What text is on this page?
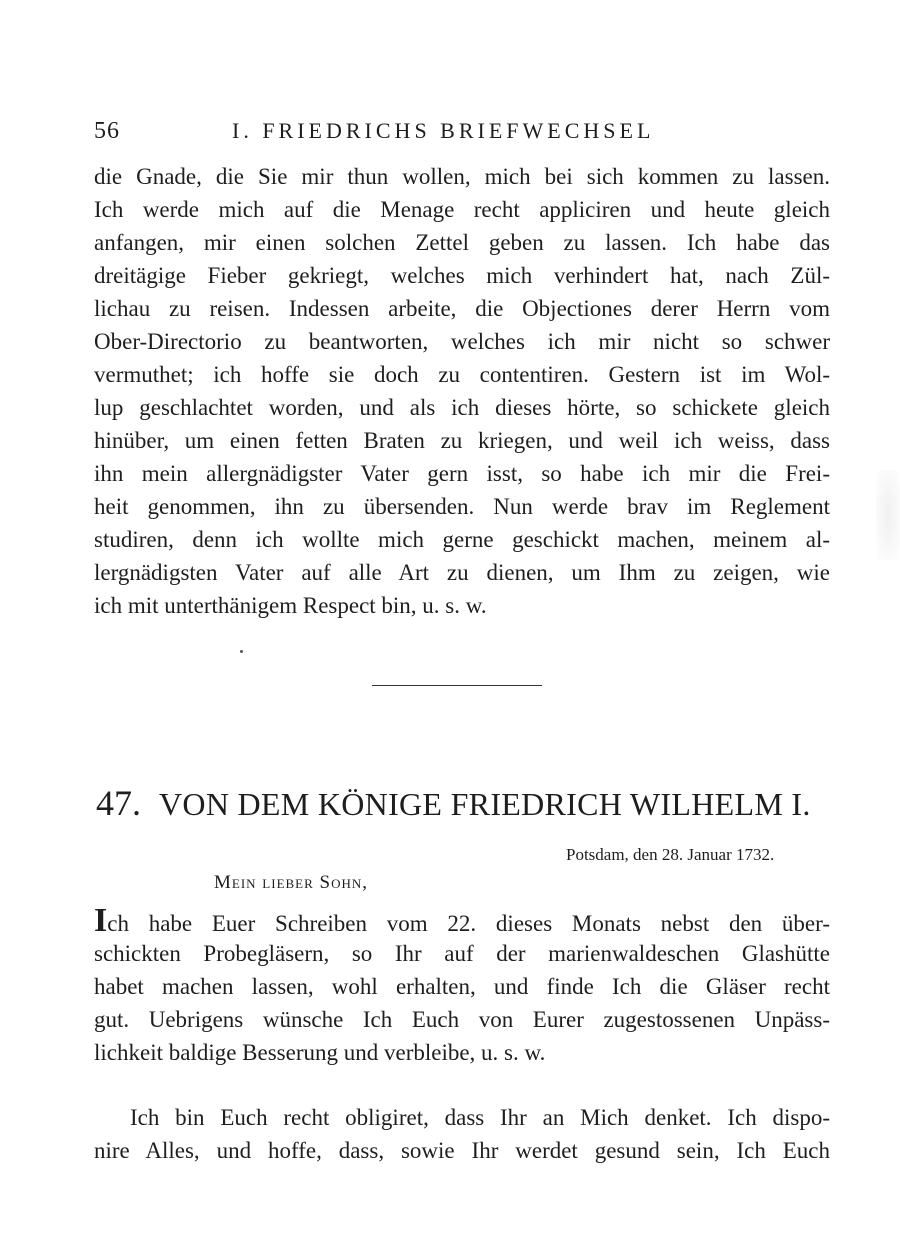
56	I. FRIEDRICHS BRIEFWECHSEL
die Gnade, die Sie mir thun wollen, mich bei sich kommen zu lassen.
Ich werde mich auf die Menage recht appliciren und heute gleich
anfangen, mir einen solchen Zettel geben zu lassen. Ich habe das
dreitägige Fieber gekriegt, welches mich verhindert hat, nach Zül-
lichau zu reisen. Indessen arbeite, die Objectiones derer Herrn vom
Ober-Directorio zu beantworten, welches ich mir nicht so schwer
vermuthet; ich hoffe sie doch zu contentiren. Gestern ist im Wol-
lup geschlachtet worden, und als ich dieses hörte, so schickete gleich
hinüber, um einen fetten Braten zu kriegen, und weil ich weiss, dass
ihn mein allergnädigster Vater gern isst, so habe ich mir die Frei-
heit genommen, ihn zu übersenden. Nun werde brav im Reglement
studiren, denn ich wollte mich gerne geschickt machen, meinem al-
lergnädigsten Vater auf alle Art zu dienen, um Ihm zu zeigen, wie
ich mit unterthänigem Respect bin, u. s. w.
47. VON DEM KÖNIGE FRIEDRICH WILHELM I.
Potsdam, den 28. Januar 1732.
Mein lieber Sohn,
Ich habe Euer Schreiben vom 22. dieses Monats nebst den über-
schickten Probegläsern, so Ihr auf der marienwaldeschen Glashütte
habet machen lassen, wohl erhalten, und finde Ich die Gläser recht
gut. Uebrigens wünsche Ich Euch von Eurer zugestossenen Unpäss-
lichkeit baldige Besserung und verbleibe, u. s. w.
Ich bin Euch recht obligiret, dass Ihr an Mich denket. Ich dispo-
nire Alles, und hoffe, dass, sowie Ihr werdet gesund sein, Ich Euch
